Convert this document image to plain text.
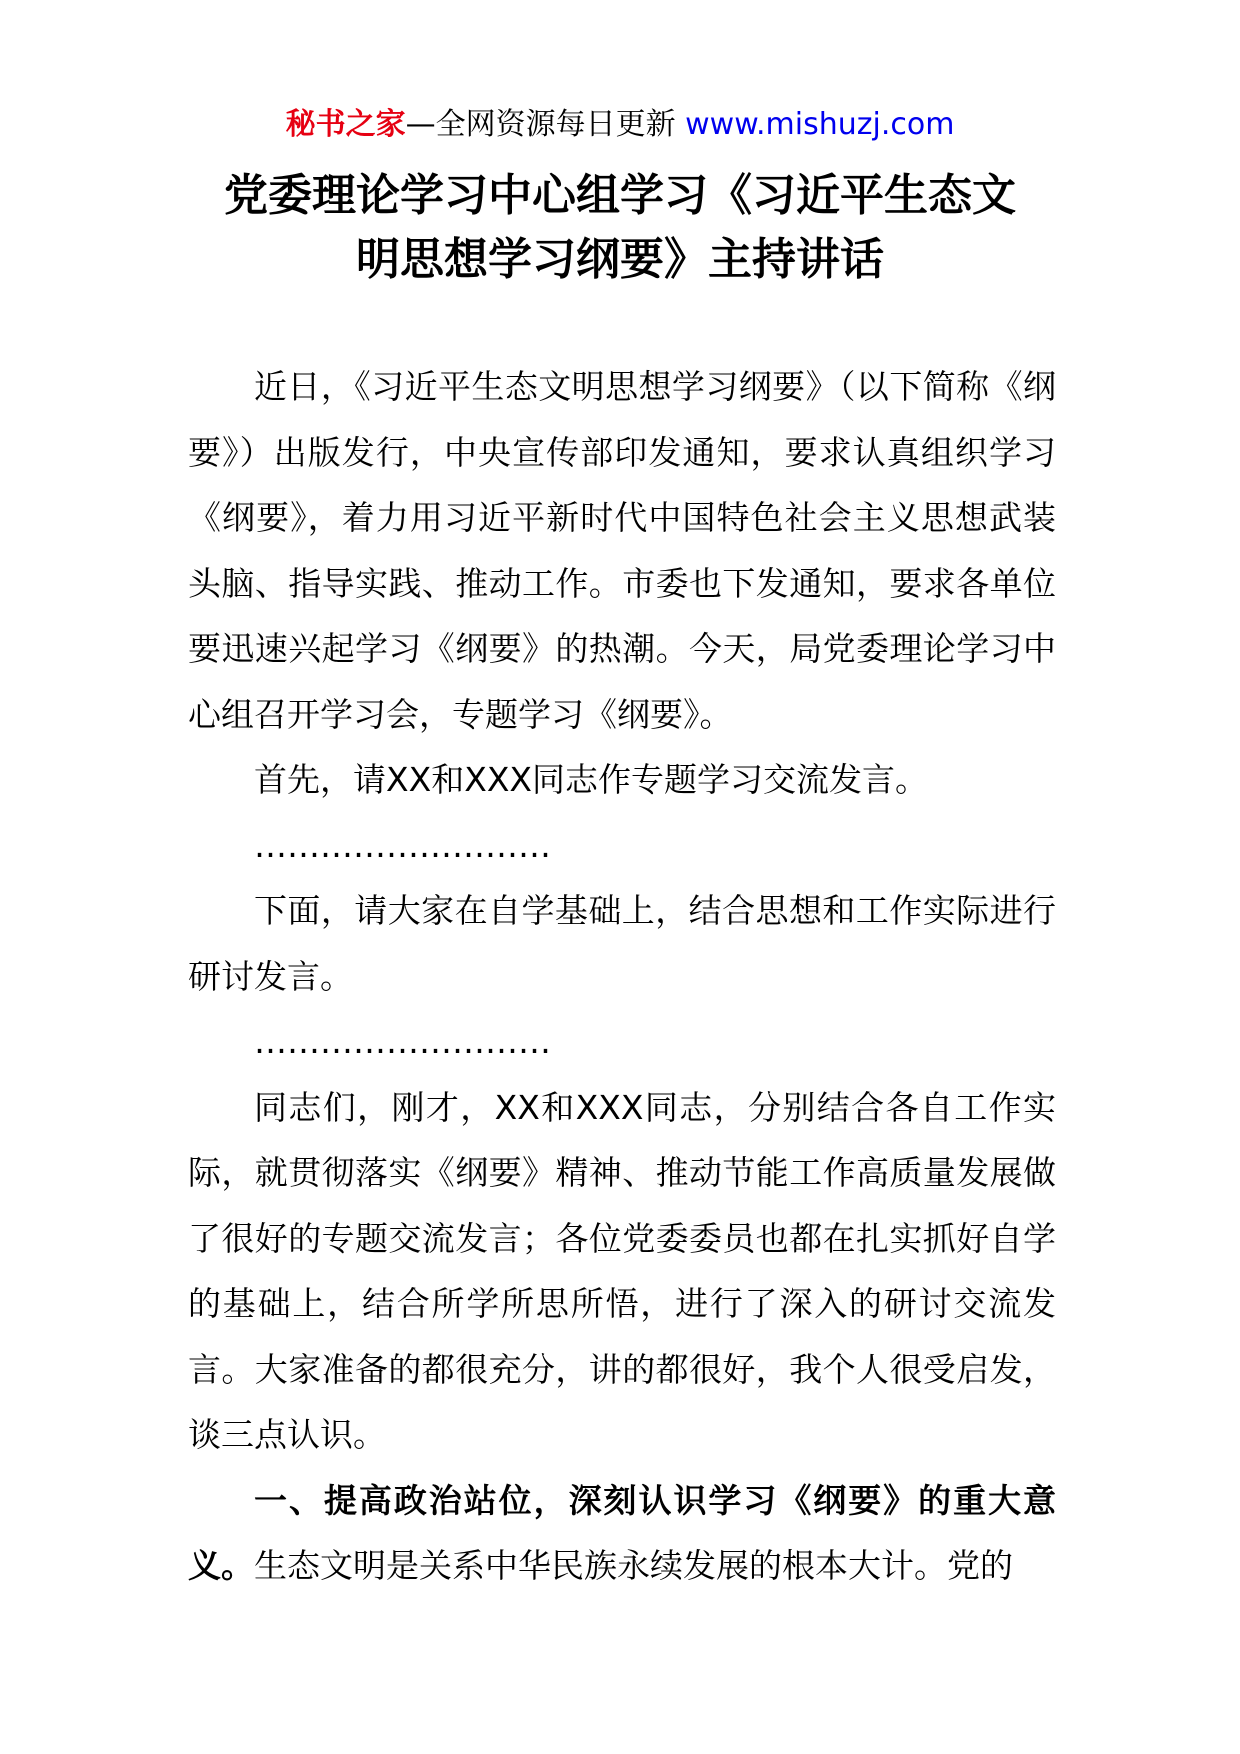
秘书之家—全网资源每日更新 www.mishuzj.com
党委理论学习中心组学习《习近平生态文
明思想学习纲要》主持讲话

近日，《习近平生态文明思想学习纲要》（以下简称《纲要》）出版发行，中央宣传部印发通知，要求认真组织学习《纲要》，着力用习近平新时代中国特色社会主义思想武装头脑、指导实践、推动工作。市委也下发通知，要求各单位要迅速兴起学习《纲要》的热潮。今天，局党委理论学习中心组召开学习会，专题学习《纲要》。

首先，请XX和XXX同志作专题学习交流发言。

………………………

下面，请大家在自学基础上，结合思想和工作实际进行研讨发言。

………………………

同志们，刚才，XX和XXX同志，分别结合各自工作实际，就贯彻落实《纲要》精神、推动节能工作高质量发展做了很好的专题交流发言；各位党委委员也都在扎实抓好自学的基础上，结合所学所思所悟，进行了深入的研讨交流发言。大家准备的都很充分，讲的都很好，我个人很受启发，谈三点认识。

一、提高政治站位，深刻认识学习《纲要》的重大意义。生态文明是关系中华民族永续发展的根本大计。党的
